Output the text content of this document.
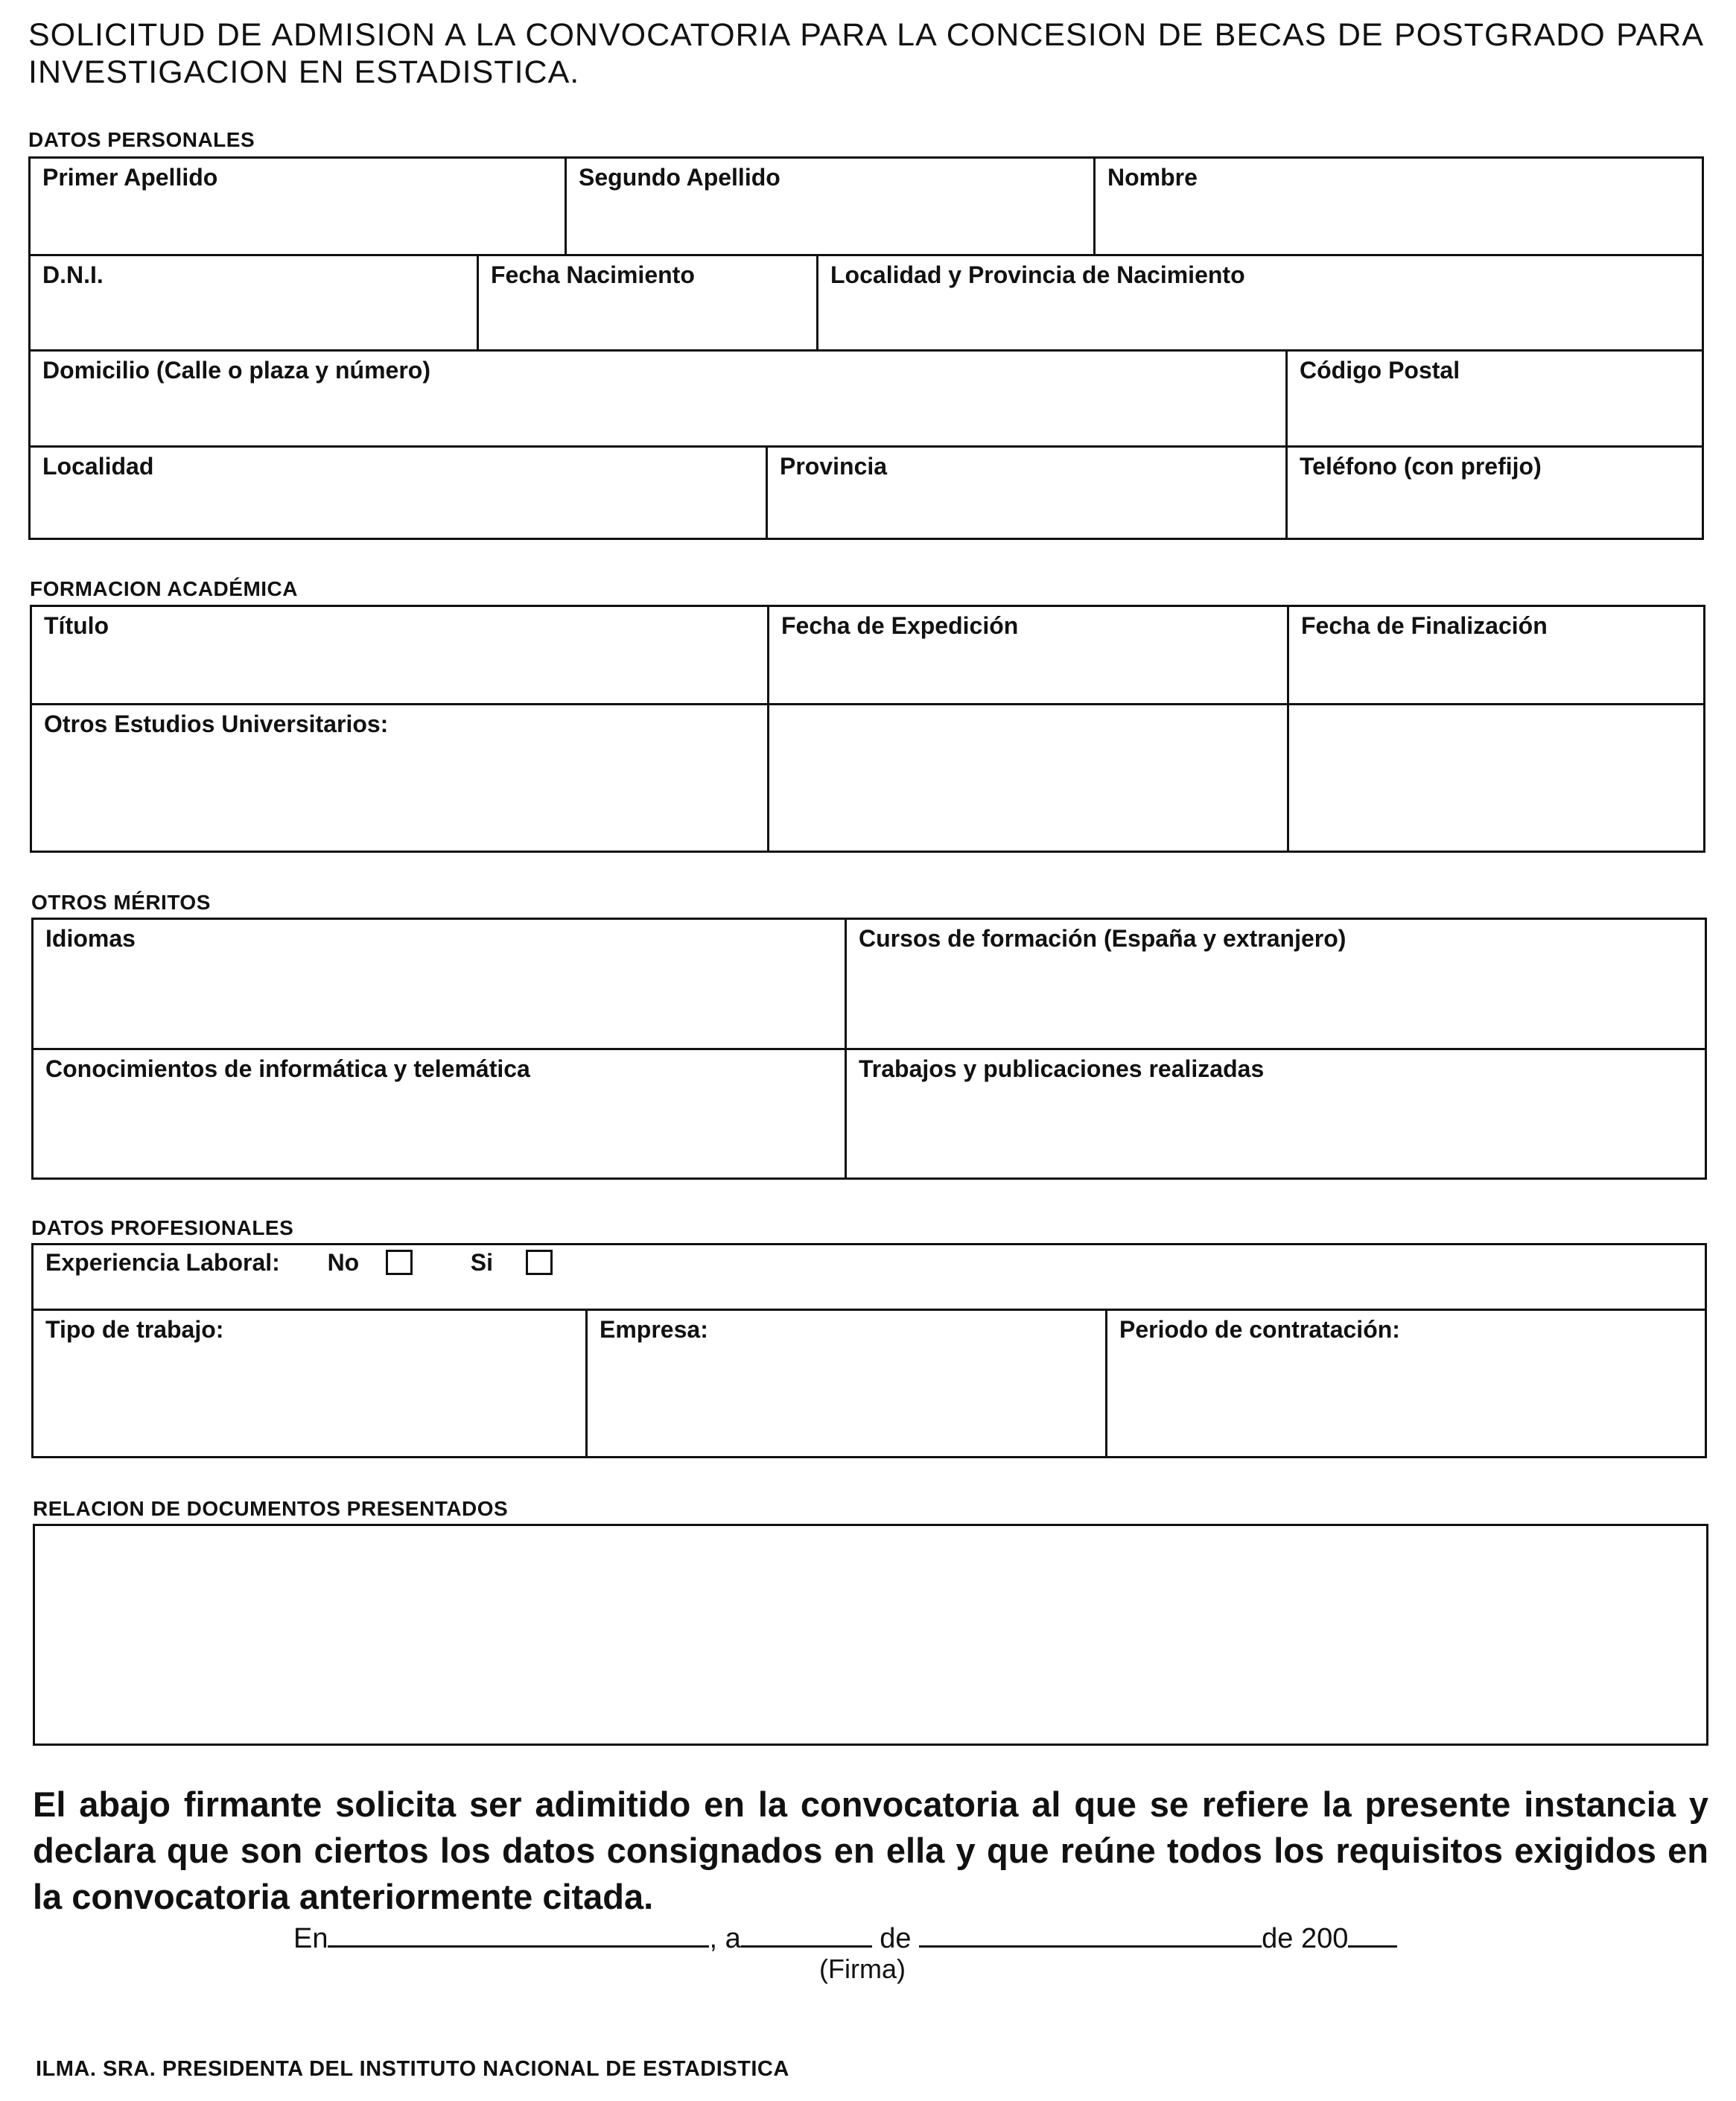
SOLICITUD DE ADMISION A LA CONVOCATORIA PARA LA CONCESION DE BECAS DE POSTGRADO PARA INVESTIGACION EN ESTADISTICA.
DATOS PERSONALES
Primer Apellido	Segundo Apellido	Nombre
D.N.I.	Fecha Nacimiento	Localidad y Provincia de Nacimiento
Domicilio (Calle o plaza y número)	Código Postal
Localidad	Provincia	Teléfono (con prefijo)
FORMACION ACADÉMICA
Título	Fecha de Expedición	Fecha de Finalización
Otros Estudios Universitarios:
OTROS MÉRITOS
Idiomas	Cursos de formación (España y extranjero)
Conocimientos de informática y telemática	Trabajos y publicaciones realizadas
DATOS PROFESIONALES
Experiencia Laboral: No	Si
Tipo de trabajo:	Empresa:	Periodo de contratación:
RELACION DE DOCUMENTOS PRESENTADOS
El abajo firmante solicita ser adimitido en la convocatoria al que se refiere la presente instancia y declara que son ciertos los datos consignados en ella y que reúne todos los requisitos exigidos en la convocatoria anteriormente citada.
En	, a	de	de 200
(Firma)
ILMA. SRA. PRESIDENTA DEL INSTITUTO NACIONAL DE ESTADISTICA
